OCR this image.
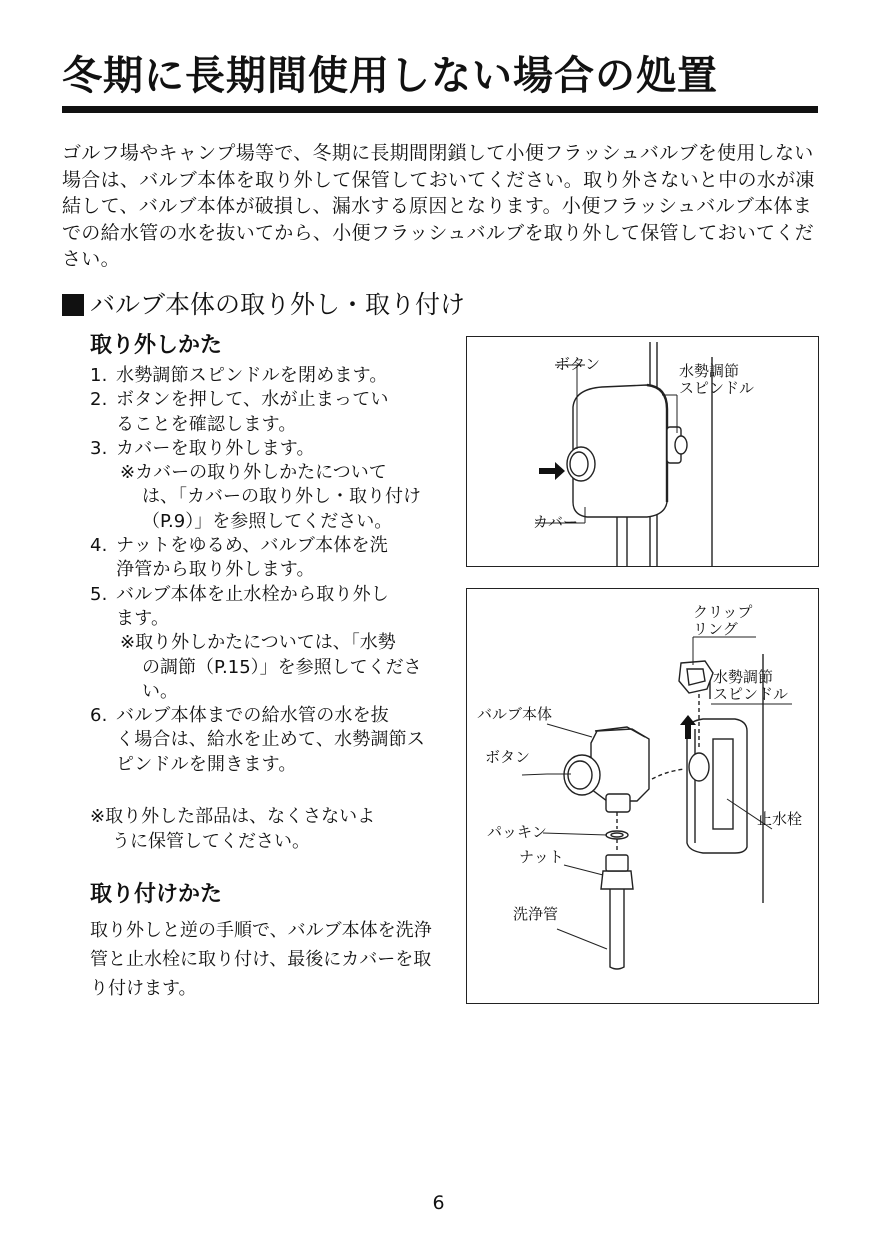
冬期に長期間使用しない場合の処置

ゴルフ場やキャンプ場等で、冬期に長期間閉鎖して小便フラッシュバルブを使用しない場合は、バルブ本体を取り外して保管しておいてください。取り外さないと中の水が凍結して、バルブ本体が破損し、漏水する原因となります。小便フラッシュバルブ本体までの給水管の水を抜いてから、小便フラッシュバルブを取り外して保管しておいてください。

バルブ本体の取り外し・取り付け
取り外しかた
1. 水勢調節スピンドルを閉めます。
2. ボタンを押して、水が止まってい
ることを確認します。
3. カバーを取り外します。
※カバーの取り外しかたについて
は、「カバーの取り外し・取り付け（P.9）」を参照してください。
4. ナットをゆるめ、バルブ本体を洗
浄管から取り外します。
5. バルブ本体を止水栓から取り外し
ます。
※取り外しかたについては、「水勢
の調節（P.15）」を参照してください。
6. バルブ本体までの給水管の水を抜
く場合は、給水を止めて、水勢調節スピンドルを開きます。
※取り外した部品は、なくさないよ
うに保管してください。
取り付けかた

取り外しと逆の手順で、バルブ本体を洗浄管と止水栓に取り付け、最後にカバーを取り付けます。

ボタン	水勢調節
スピンドル
カバー
クリップ
リング
水勢調節
スピンドル
バルブ本体
ボタン
パッキン
ナット
洗浄管
止水栓
6
